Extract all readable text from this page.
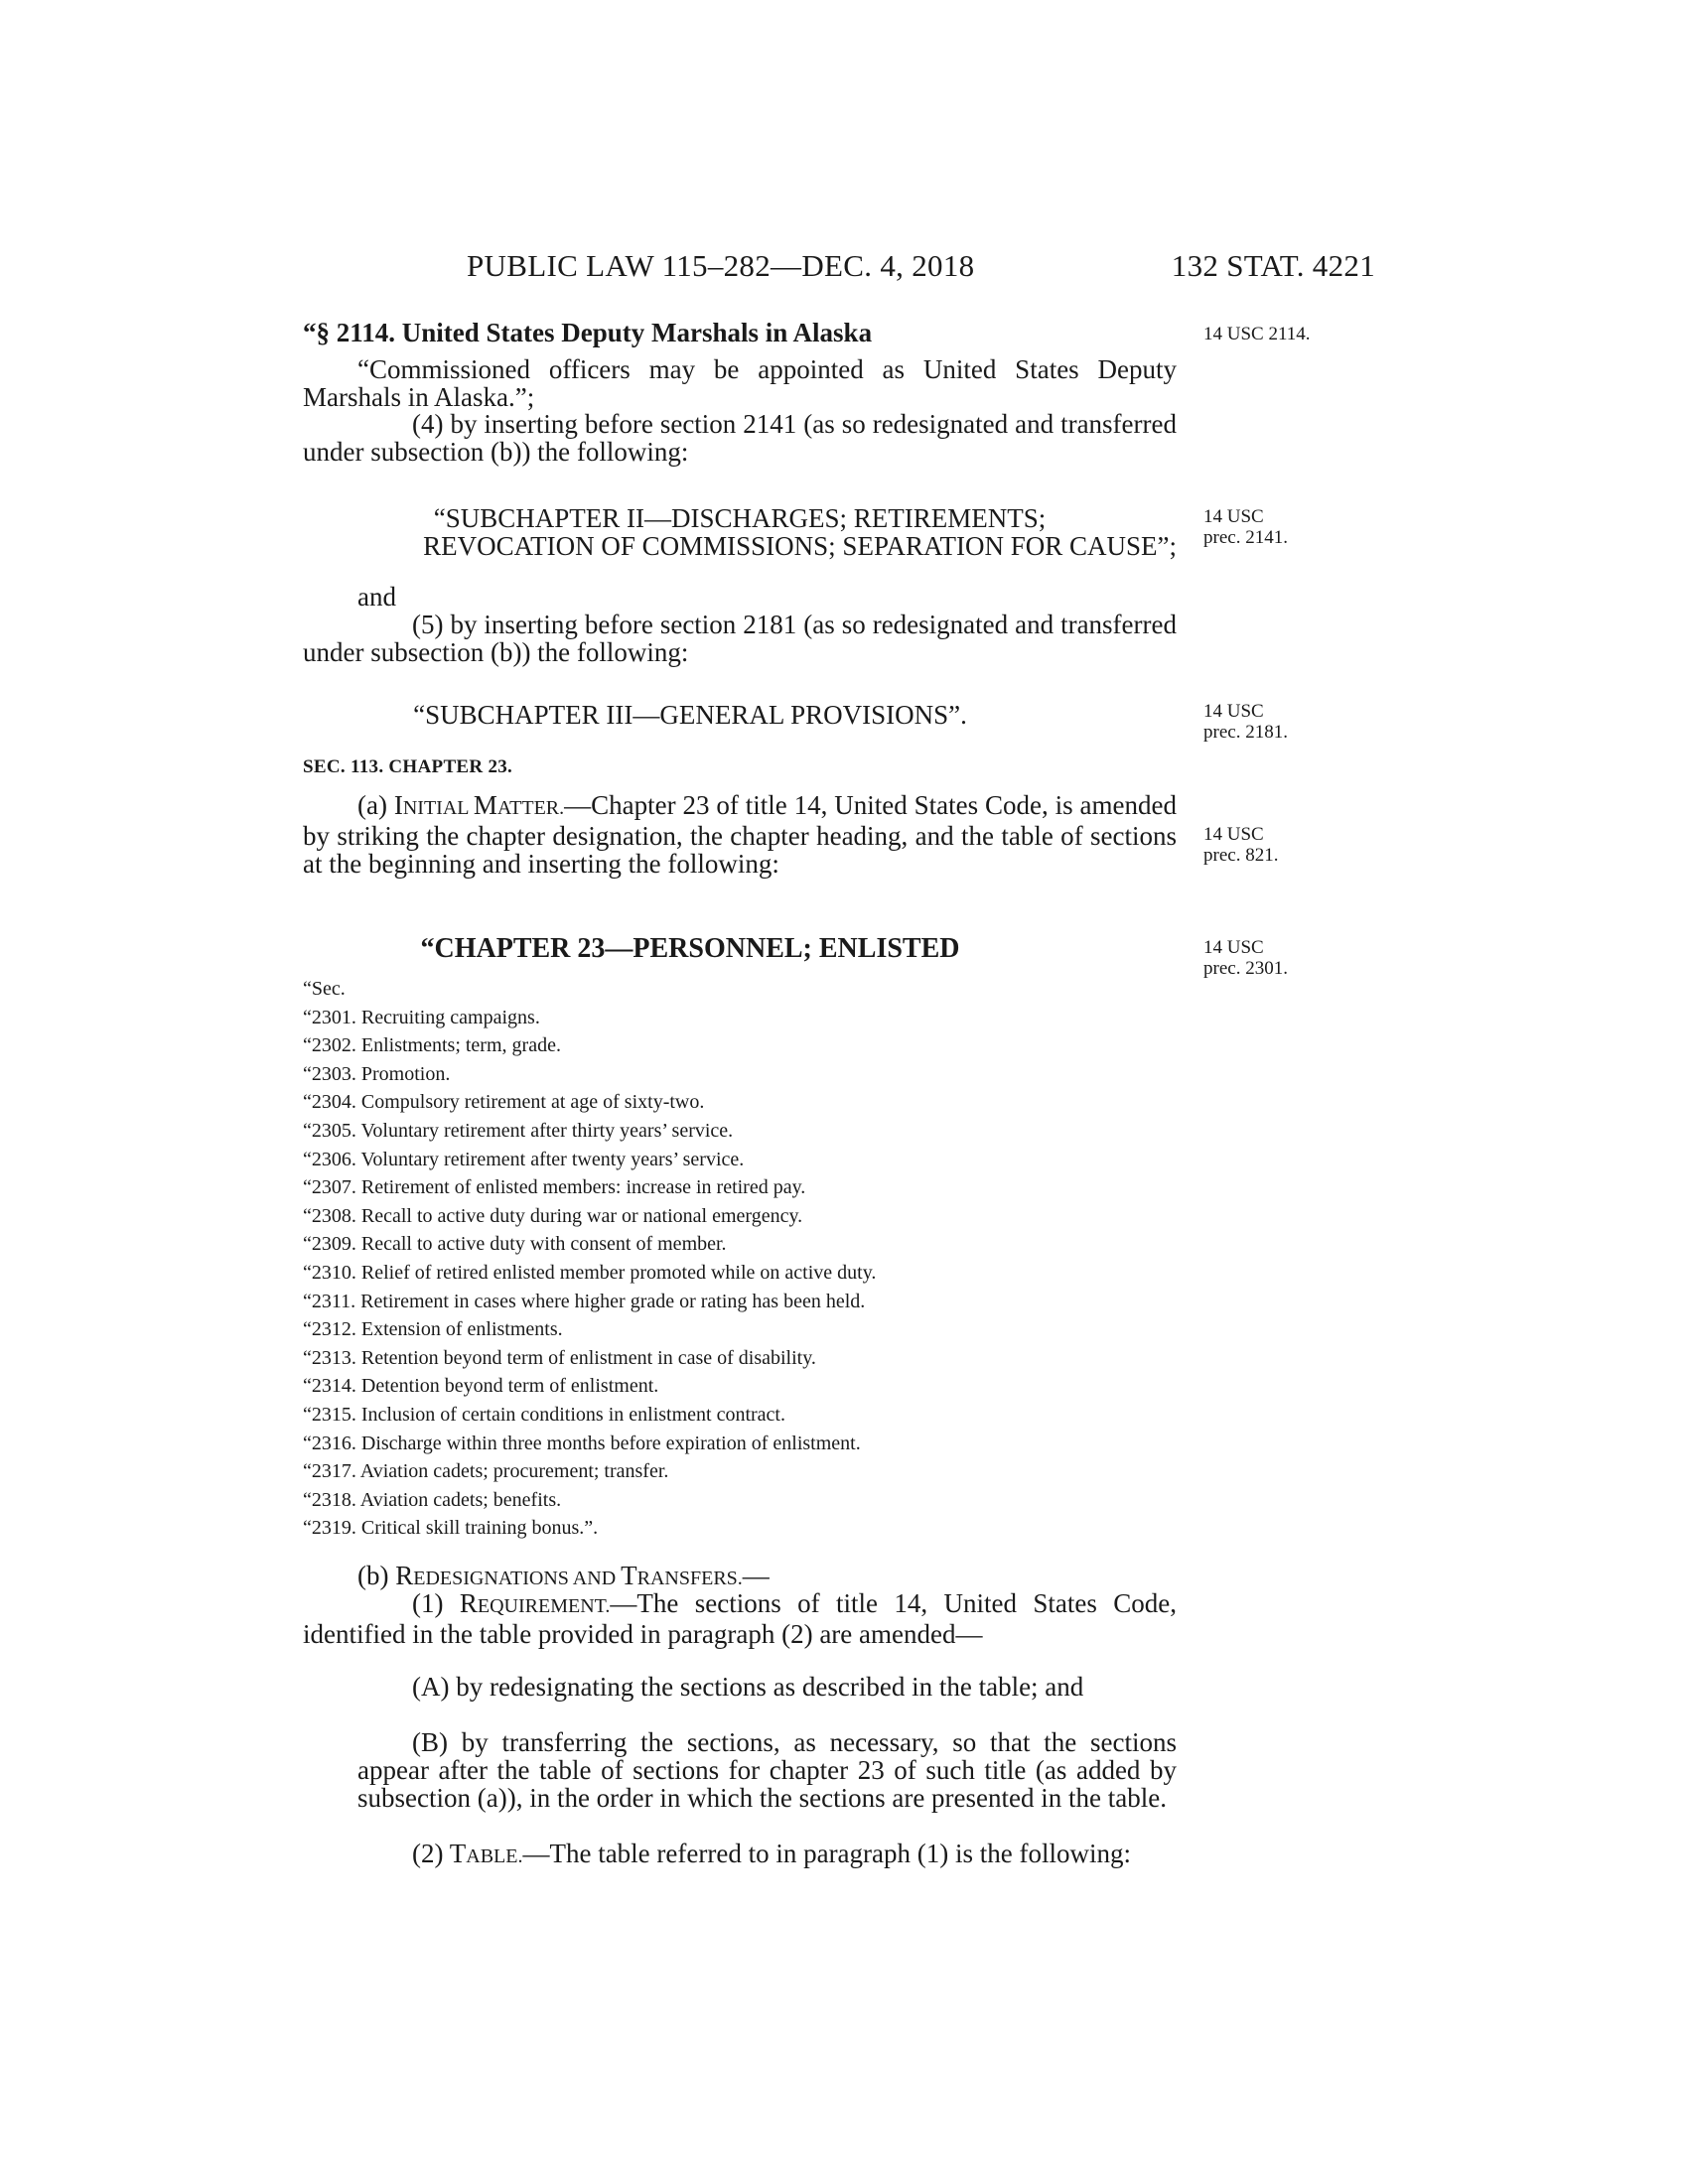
PUBLIC LAW 115–282—DEC. 4, 2018	132 STAT. 4221
“§ 2114. United States Deputy Marshals in Alaska	14 USC 2114.
“Commissioned officers may be appointed as United States Deputy Marshals in Alaska.”;
(4) by inserting before section 2141 (as so redesignated and transferred under subsection (b)) the following:
“SUBCHAPTER II—DISCHARGES; RETIREMENTS;
REVOCATION OF COMMISSIONS; SEPARATION FOR CAUSE”;
14 USC
prec. 2141.
and
(5) by inserting before section 2181 (as so redesignated and transferred under subsection (b)) the following:
“SUBCHAPTER III—GENERAL PROVISIONS”.	14 USC
prec. 2181.
SEC. 113. CHAPTER 23.
(a) INITIAL MATTER.—Chapter 23 of title 14, United States Code, is amended by striking the chapter designation, the chapter heading, and the table of sections at the beginning and inserting the following:
14 USC
prec. 821.
“CHAPTER 23—PERSONNEL; ENLISTED	14 USC
prec. 2301.
“Sec.
“2301. Recruiting campaigns.
“2302. Enlistments; term, grade.
“2303. Promotion.
“2304. Compulsory retirement at age of sixty-two.
“2305. Voluntary retirement after thirty years’ service.
“2306. Voluntary retirement after twenty years’ service.
“2307. Retirement of enlisted members: increase in retired pay.
“2308. Recall to active duty during war or national emergency.
“2309. Recall to active duty with consent of member.
“2310. Relief of retired enlisted member promoted while on active duty.
“2311. Retirement in cases where higher grade or rating has been held.
“2312. Extension of enlistments.
“2313. Retention beyond term of enlistment in case of disability.
“2314. Detention beyond term of enlistment.
“2315. Inclusion of certain conditions in enlistment contract.
“2316. Discharge within three months before expiration of enlistment.
“2317. Aviation cadets; procurement; transfer.
“2318. Aviation cadets; benefits.
“2319. Critical skill training bonus.”.
(b) REDESIGNATIONS AND TRANSFERS.—
(1) REQUIREMENT.—The sections of title 14, United States Code, identified in the table provided in paragraph (2) are amended—
(A) by redesignating the sections as described in the table; and
(B) by transferring the sections, as necessary, so that the sections appear after the table of sections for chapter 23 of such title (as added by subsection (a)), in the order in which the sections are presented in the table.
(2) TABLE.—The table referred to in paragraph (1) is the following:
